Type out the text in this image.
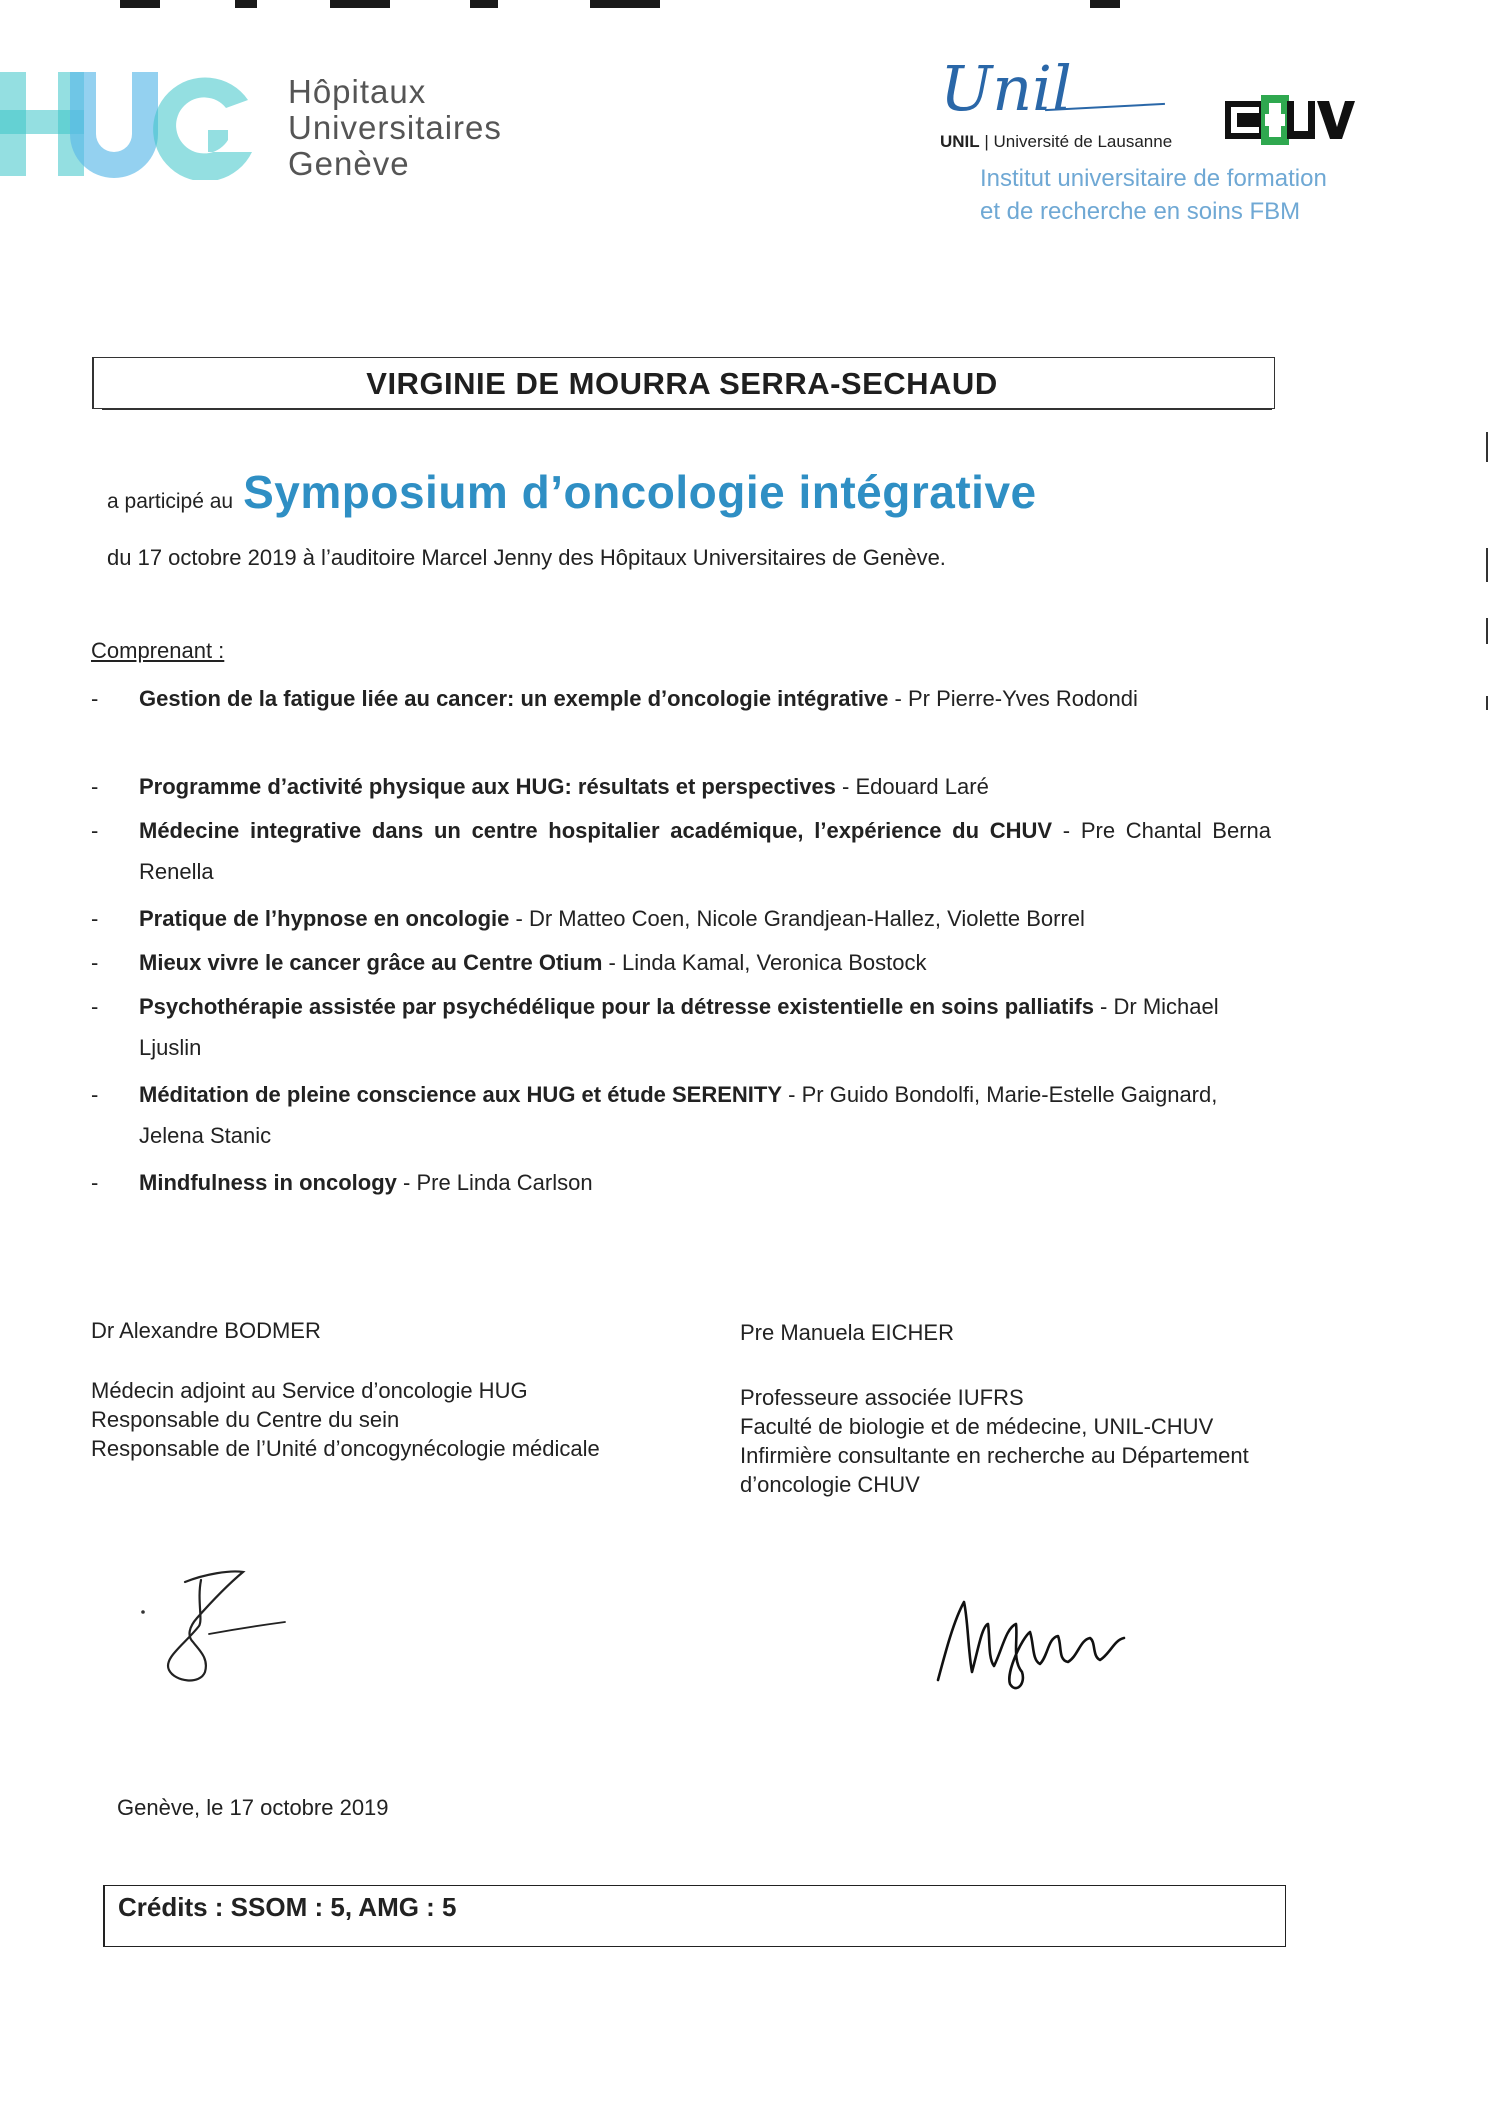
Hôpitaux
Universitaires
Genève
Unil
UNIL | Université de Lausanne
Institut universitaire de formation
et de recherche en soins FBM
VIRGINIE DE MOURRA SERRA-SECHAUD
a participé au Symposium d’oncologie intégrative
du 17 octobre 2019 à l’auditoire Marcel Jenny des Hôpitaux Universitaires de Genève.
Comprenant :
- Gestion de la fatigue liée au cancer: un exemple d’oncologie intégrative - Pr Pierre-Yves Rodondi
- Programme d’activité physique aux HUG: résultats et perspectives - Edouard Laré
- Médecine integrative dans un centre hospitalier académique, l’expérience du CHUV - Pre Chantal Berna Renella
- Pratique de l’hypnose en oncologie - Dr Matteo Coen, Nicole Grandjean-Hallez, Violette Borrel
- Mieux vivre le cancer grâce au Centre Otium - Linda Kamal, Veronica Bostock
- Psychothérapie assistée par psychédélique pour la détresse existentielle en soins palliatifs - Dr Michael Ljuslin
- Méditation de pleine conscience aux HUG et étude SERENITY - Pr Guido Bondolfi, Marie-Estelle Gaignard, Jelena Stanic
- Mindfulness in oncology - Pre Linda Carlson
Dr Alexandre BODMER
Médecin adjoint au Service d’oncologie HUG
Responsable du Centre du sein
Responsable de l’Unité d’oncogynécologie médicale
Pre Manuela EICHER
Professeure associée IUFRS
Faculté de biologie et de médecine, UNIL-CHUV
Infirmière consultante en recherche au Département
d’oncologie CHUV
Genève, le 17 octobre 2019
Crédits : SSOM : 5, AMG : 5
